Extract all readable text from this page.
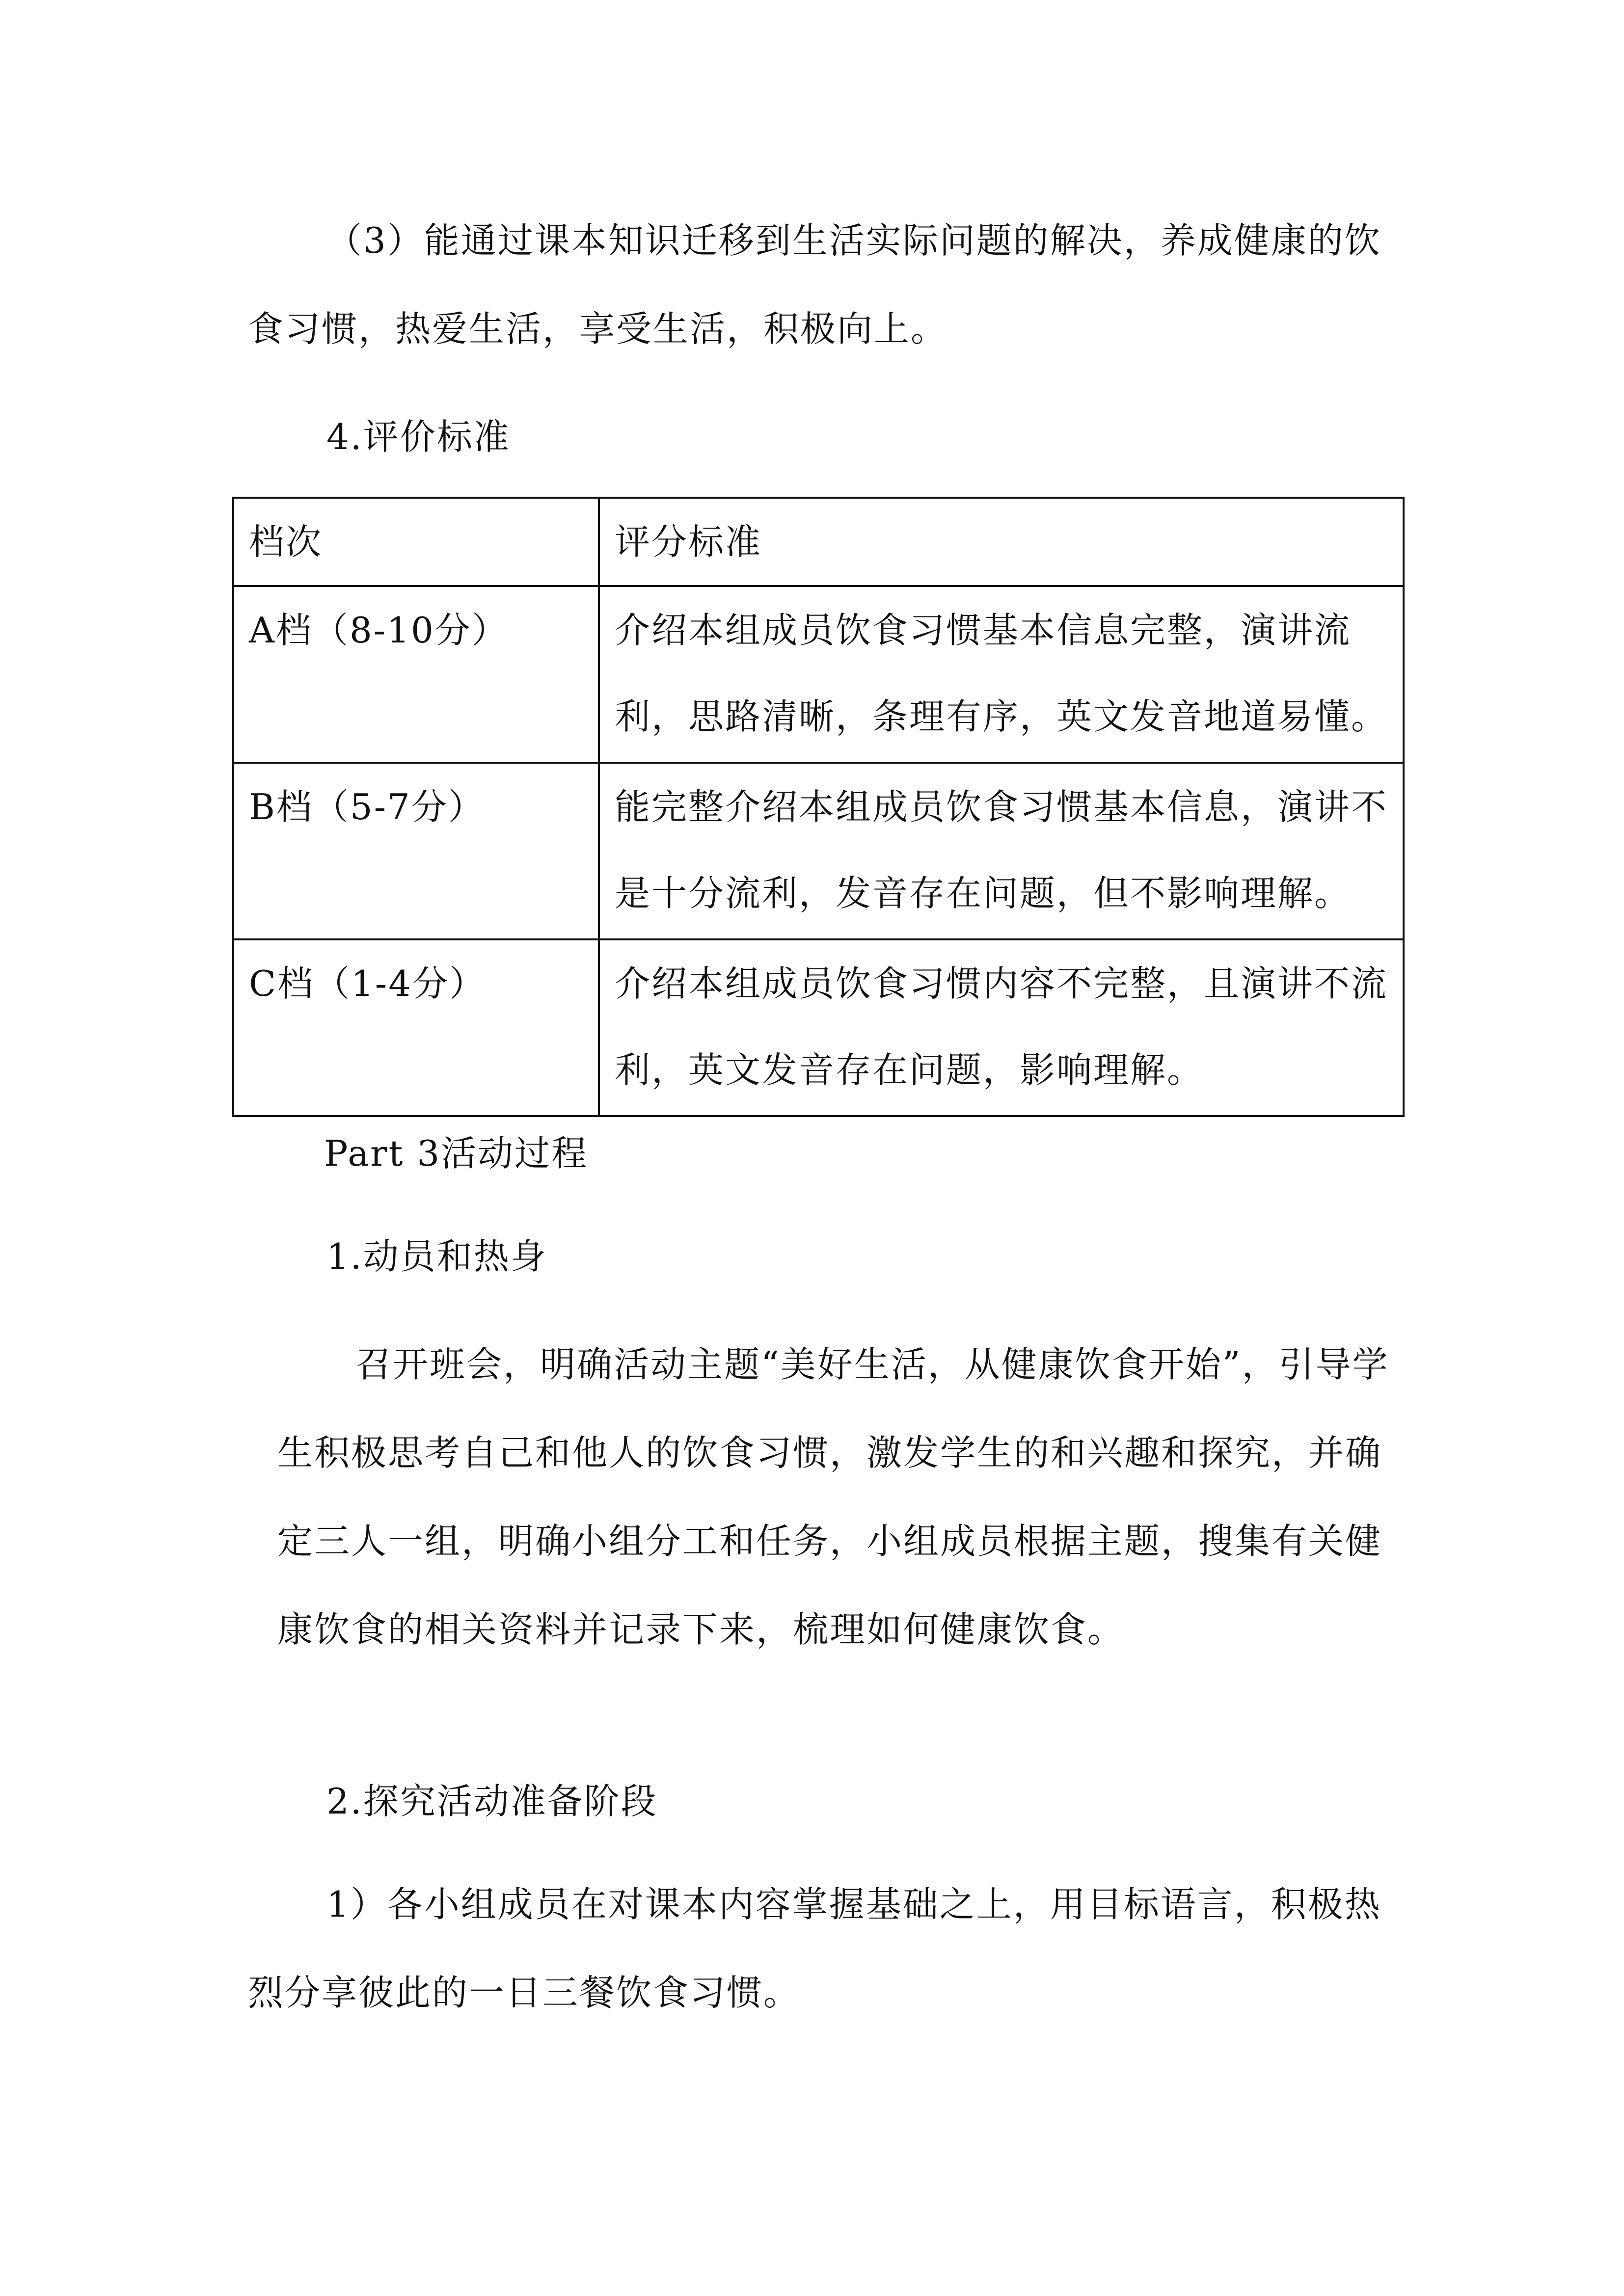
（3）能通过课本知识迁移到生活实际问题的解决，养成健康的饮食习惯，热爱生活，享受生活，积极向上。

4.评价标准

档次	评分标准

A档（8-10分）	介绍本组成员饮食习惯基本信息完整，演讲流利，思路清晰，条理有序，英文发音地道易懂。

B档（5-7分）	能完整介绍本组成员饮食习惯基本信息，演讲不是十分流利，发音存在问题，但不影响理解。

C档（1-4分）	介绍本组成员饮食习惯内容不完整，且演讲不流利，英文发音存在问题，影响理解。

Part 3活动过程

1.动员和热身

召开班会，明确活动主题“美好生活，从健康饮食开始”，引导学生积极思考自己和他人的饮食习惯，激发学生的和兴趣和探究，并确定三人一组，明确小组分工和任务，小组成员根据主题，搜集有关健康饮食的相关资料并记录下来，梳理如何健康饮食。

2.探究活动准备阶段

1）各小组成员在对课本内容掌握基础之上，用目标语言，积极热烈分享彼此的一日三餐饮食习惯。
